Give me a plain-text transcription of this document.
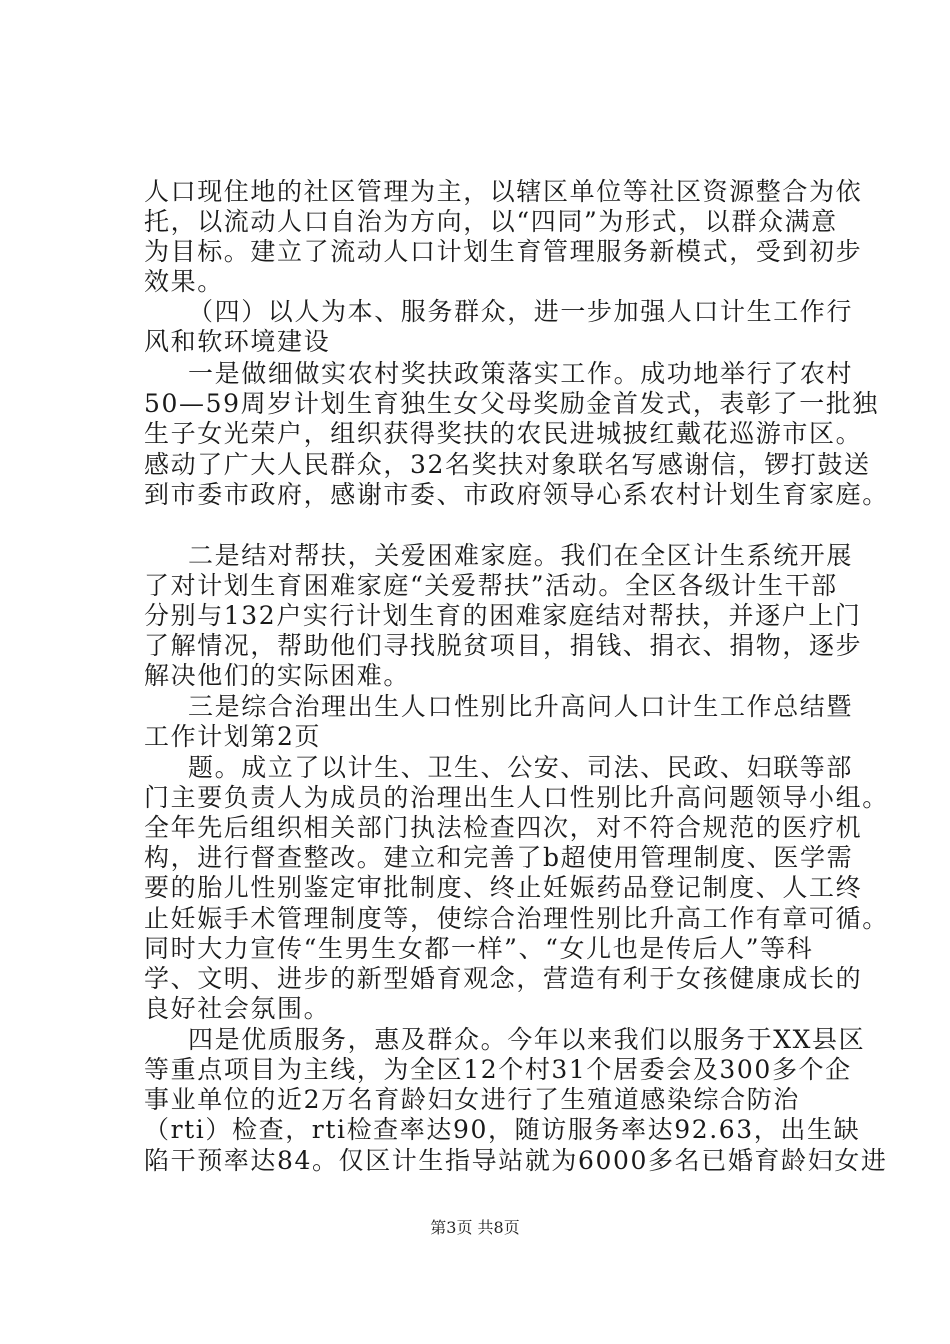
人口现住地的社区管理为主，以辖区单位等社区资源整合为依
托，以流动人口自治为方向，以“四同”为形式，以群众满意
为目标。建立了流动人口计划生育管理服务新模式，受到初步
效果。
（四）以人为本、服务群众，进一步加强人口计生工作行
风和软环境建设
一是做细做实农村奖扶政策落实工作。成功地举行了农村
50—59周岁计划生育独生女父母奖励金首发式，表彰了一批独
生子女光荣户，组织获得奖扶的农民进城披红戴花巡游市区。
感动了广大人民群众，32名奖扶对象联名写感谢信，锣打鼓送
到市委市政府，感谢市委、市政府领导心系农村计划生育家庭。
二是结对帮扶，关爱困难家庭。我们在全区计生系统开展
了对计划生育困难家庭“关爱帮扶”活动。全区各级计生干部
分别与132户实行计划生育的困难家庭结对帮扶，并逐户上门
了解情况，帮助他们寻找脱贫项目，捐钱、捐衣、捐物，逐步
解决他们的实际困难。
三是综合治理出生人口性别比升高问人口计生工作总结暨
工作计划第2页
题。成立了以计生、卫生、公安、司法、民政、妇联等部
门主要负责人为成员的治理出生人口性别比升高问题领导小组。
全年先后组织相关部门执法检查四次，对不符合规范的医疗机
构，进行督查整改。建立和完善了b超使用管理制度、医学需
要的胎儿性别鉴定审批制度、终止妊娠药品登记制度、人工终
止妊娠手术管理制度等，使综合治理性别比升高工作有章可循。
同时大力宣传“生男生女都一样”、“女儿也是传后人”等科
学、文明、进步的新型婚育观念，营造有利于女孩健康成长的
良好社会氛围。
四是优质服务，惠及群众。今年以来我们以服务于XX县区
等重点项目为主线，为全区12个村31个居委会及300多个企
事业单位的近2万名育龄妇女进行了生殖道感染综合防治
（rti）检查，rti检查率达90，随访服务率达92.63，出生缺
陷干预率达84。仅区计生指导站就为6000多名已婚育龄妇女进
第3页 共8页
